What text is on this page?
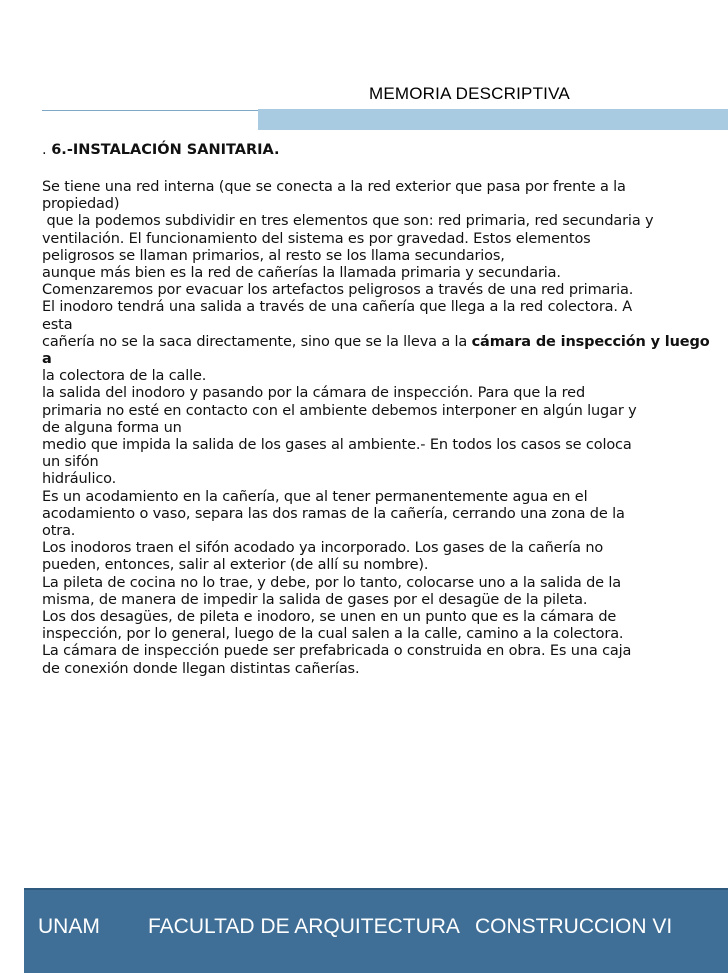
MEMORIA DESCRIPTIVA
. 6.-INSTALACIÓN SANITARIA.

Se tiene una red interna (que se conecta a la red exterior que pasa por frente a la

propiedad)

que la podemos subdividir en tres elementos que son: red primaria, red secundaria y

ventilación. El funcionamiento del sistema es por gravedad. Estos elementos

peligrosos se llaman primarios, al resto se los llama secundarios,

aunque más bien es la red de cañerías la llamada primaria y secundaria.

Comenzaremos por evacuar los artefactos peligrosos a través de una red primaria.

El inodoro tendrá una salida a través de una cañería que llega a la red colectora. A

esta

cañería no se la saca directamente, sino que se la lleva a la cámara de inspección y luego a

la colectora de la calle.

la salida del inodoro y pasando por la cámara de inspección. Para que la red

primaria no esté en contacto con el ambiente debemos interponer en algún lugar y

de alguna forma un

medio que impida la salida de los gases al ambiente.- En todos los casos se coloca

un sifón

hidráulico.

Es un acodamiento en la cañería, que al tener permanentemente agua en el

acodamiento o vaso, separa las dos ramas de la cañería, cerrando una zona de la

otra.

Los inodoros traen el sifón acodado ya incorporado. Los gases de la cañería no

pueden, entonces, salir al exterior (de allí su nombre).

La pileta de cocina no lo trae, y debe, por lo tanto, colocarse uno a la salida de la

misma, de manera de impedir la salida de gases por el desagüe de la pileta.

Los dos desagües, de pileta e inodoro, se unen en un punto que es la cámara de

inspección, por lo general, luego de la cual salen a la calle, camino a la colectora.

La cámara de inspección puede ser prefabricada o construida en obra. Es una caja

de conexión donde llegan distintas cañerías.

UNAM FACULTAD DE ARQUITECTURA CONSTRUCCION VI
